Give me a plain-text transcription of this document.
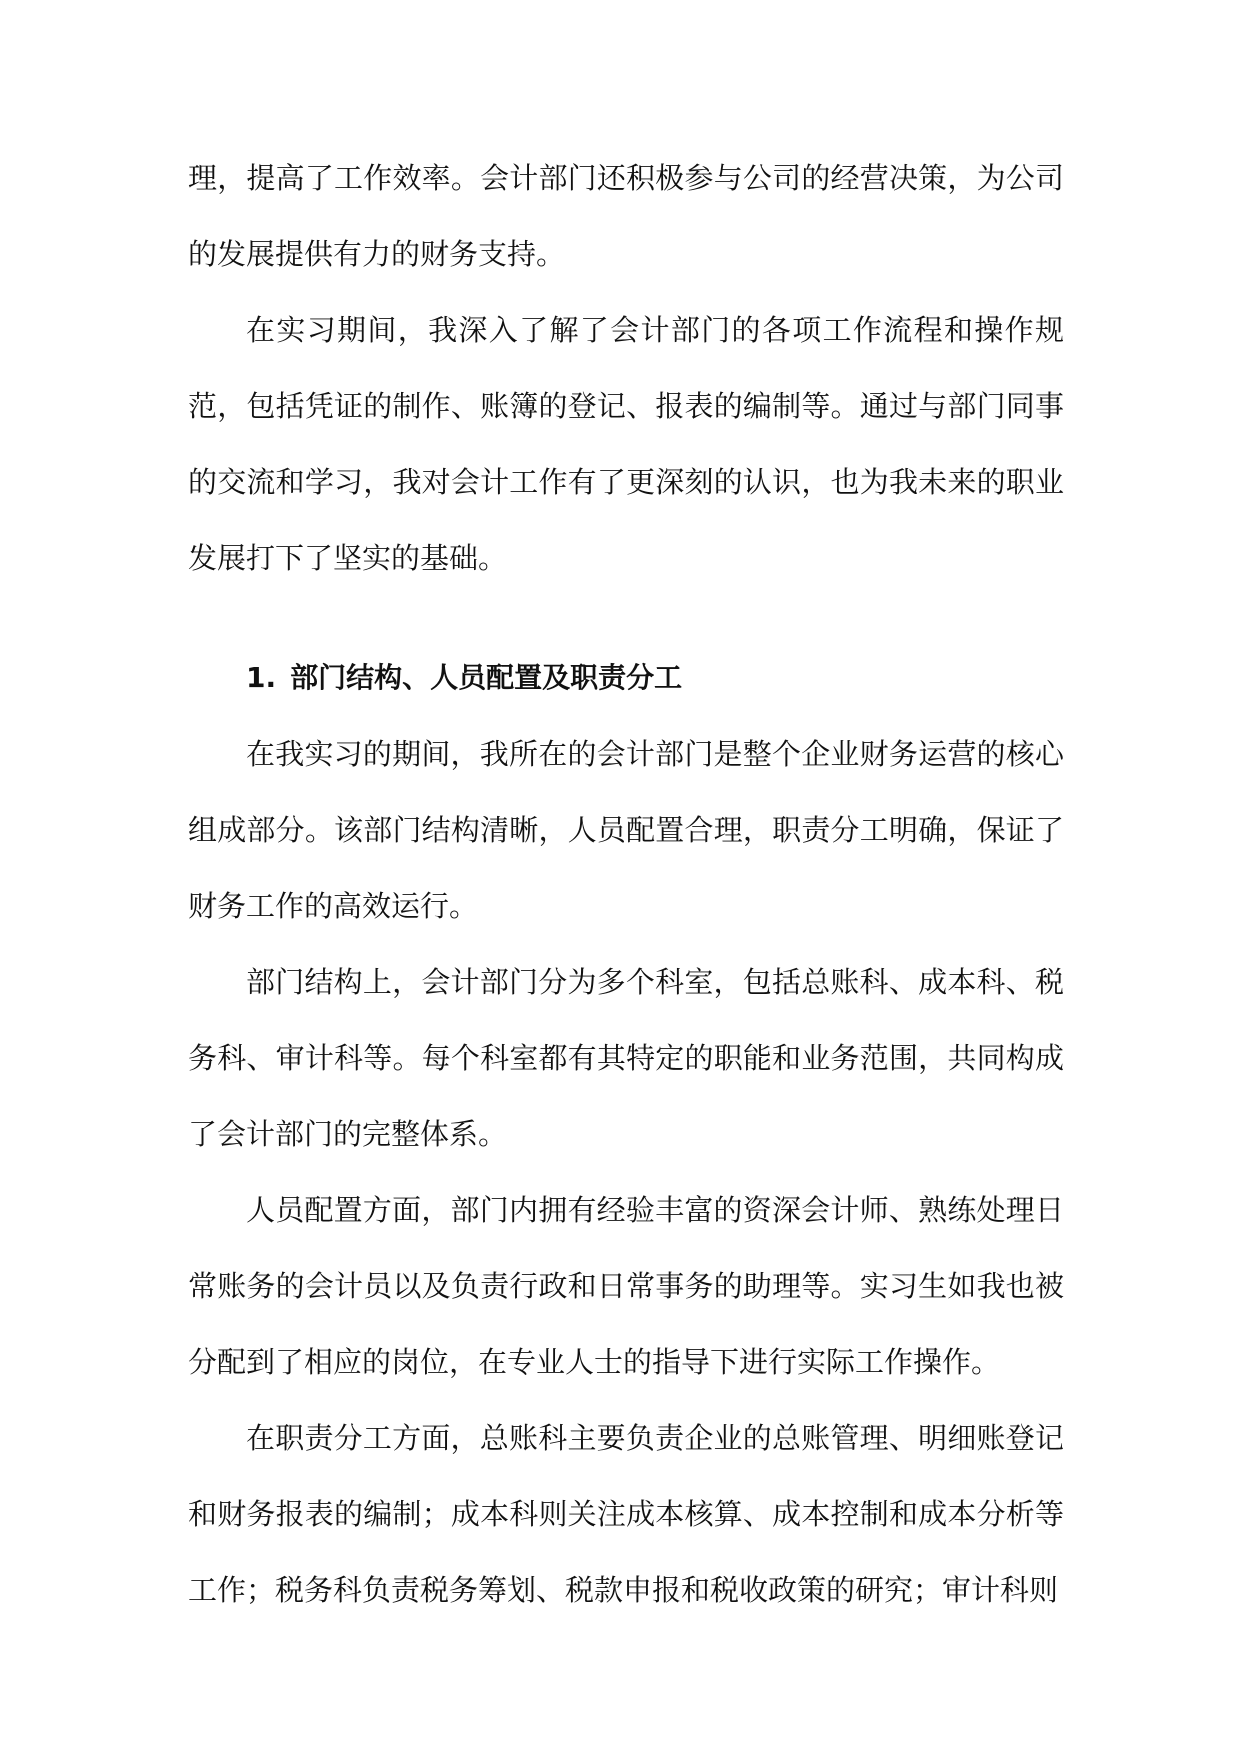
理，提高了工作效率。会计部门还积极参与公司的经营决策，为公司的发展提供有力的财务支持。

在实习期间，我深入了解了会计部门的各项工作流程和操作规范，包括凭证的制作、账簿的登记、报表的编制等。通过与部门同事的交流和学习，我对会计工作有了更深刻的认识，也为我未来的职业发展打下了坚实的基础。

1. 部门结构、人员配置及职责分工

在我实习的期间，我所在的会计部门是整个企业财务运营的核心组成部分。该部门结构清晰，人员配置合理，职责分工明确，保证了财务工作的高效运行。

部门结构上，会计部门分为多个科室，包括总账科、成本科、税务科、审计科等。每个科室都有其特定的职能和业务范围，共同构成了会计部门的完整体系。

人员配置方面，部门内拥有经验丰富的资深会计师、熟练处理日常账务的会计员以及负责行政和日常事务的助理等。实习生如我也被分配到了相应的岗位，在专业人士的指导下进行实际工作操作。

在职责分工方面，总账科主要负责企业的总账管理、明细账登记和财务报表的编制；成本科则关注成本核算、成本控制和成本分析等工作；税务科负责税务筹划、税款申报和税收政策的研究；审计科则
